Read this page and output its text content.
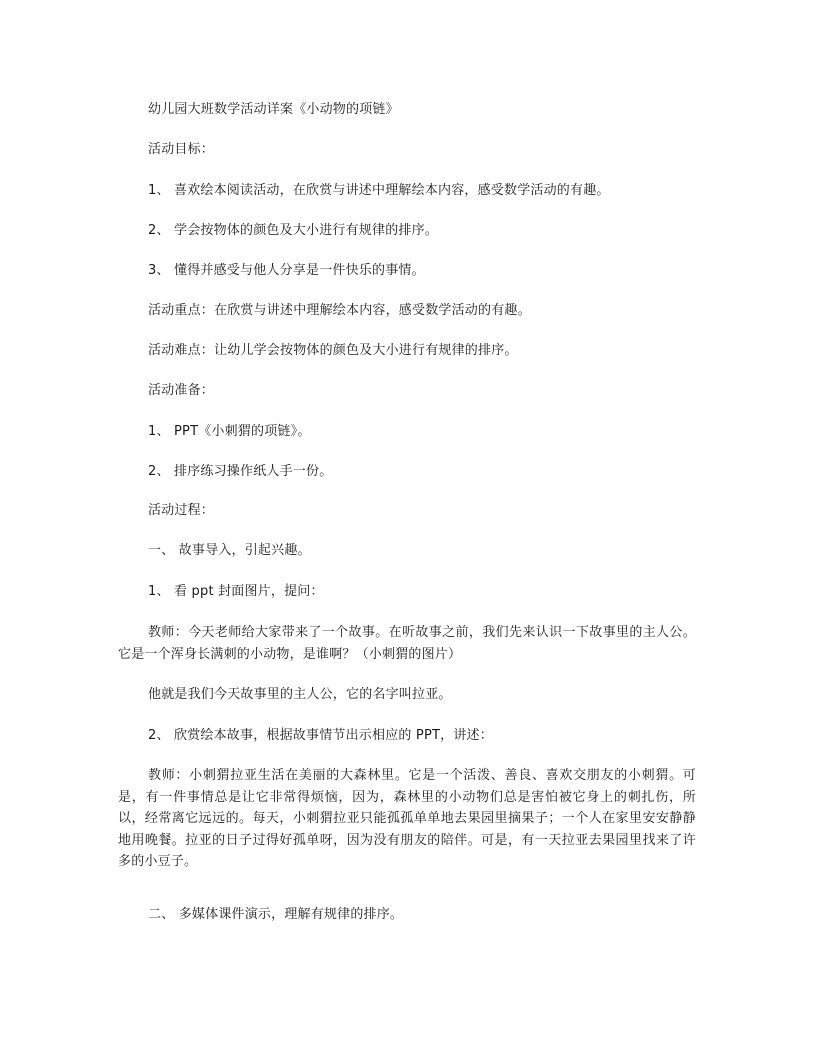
幼儿园大班数学活动详案《小动物的项链》
活动目标：
1、 喜欢绘本阅读活动，在欣赏与讲述中理解绘本内容，感受数学活动的有趣。
2、 学会按物体的颜色及大小进行有规律的排序。
3、 懂得并感受与他人分享是一件快乐的事情。
活动重点：在欣赏与讲述中理解绘本内容，感受数学活动的有趣。
活动难点：让幼儿学会按物体的颜色及大小进行有规律的排序。
活动准备：
1、 PPT《小刺猬的项链》。
2、 排序练习操作纸人手一份。
活动过程：
一、 故事导入，引起兴趣。
1、 看 ppt 封面图片，提问：
教师：今天老师给大家带来了一个故事。在听故事之前，我们先来认识一下故事里的主人公。它是一个浑身长满刺的小动物，是谁啊？（小刺猬的图片）
他就是我们今天故事里的主人公，它的名字叫拉亚。
2、 欣赏绘本故事，根据故事情节出示相应的 PPT，讲述：
教师：小刺猬拉亚生活在美丽的大森林里。它是一个活泼、善良、喜欢交朋友的小刺猬。可是，有一件事情总是让它非常得烦恼，因为，森林里的小动物们总是害怕被它身上的刺扎伤，所以，经常离它远远的。每天，小刺猬拉亚只能孤孤单单地去果园里摘果子；一个人在家里安安静静地用晚餐。拉亚的日子过得好孤单呀，因为没有朋友的陪伴。可是，有一天拉亚去果园里找来了许多的小豆子。
二、 多媒体课件演示，理解有规律的排序。
